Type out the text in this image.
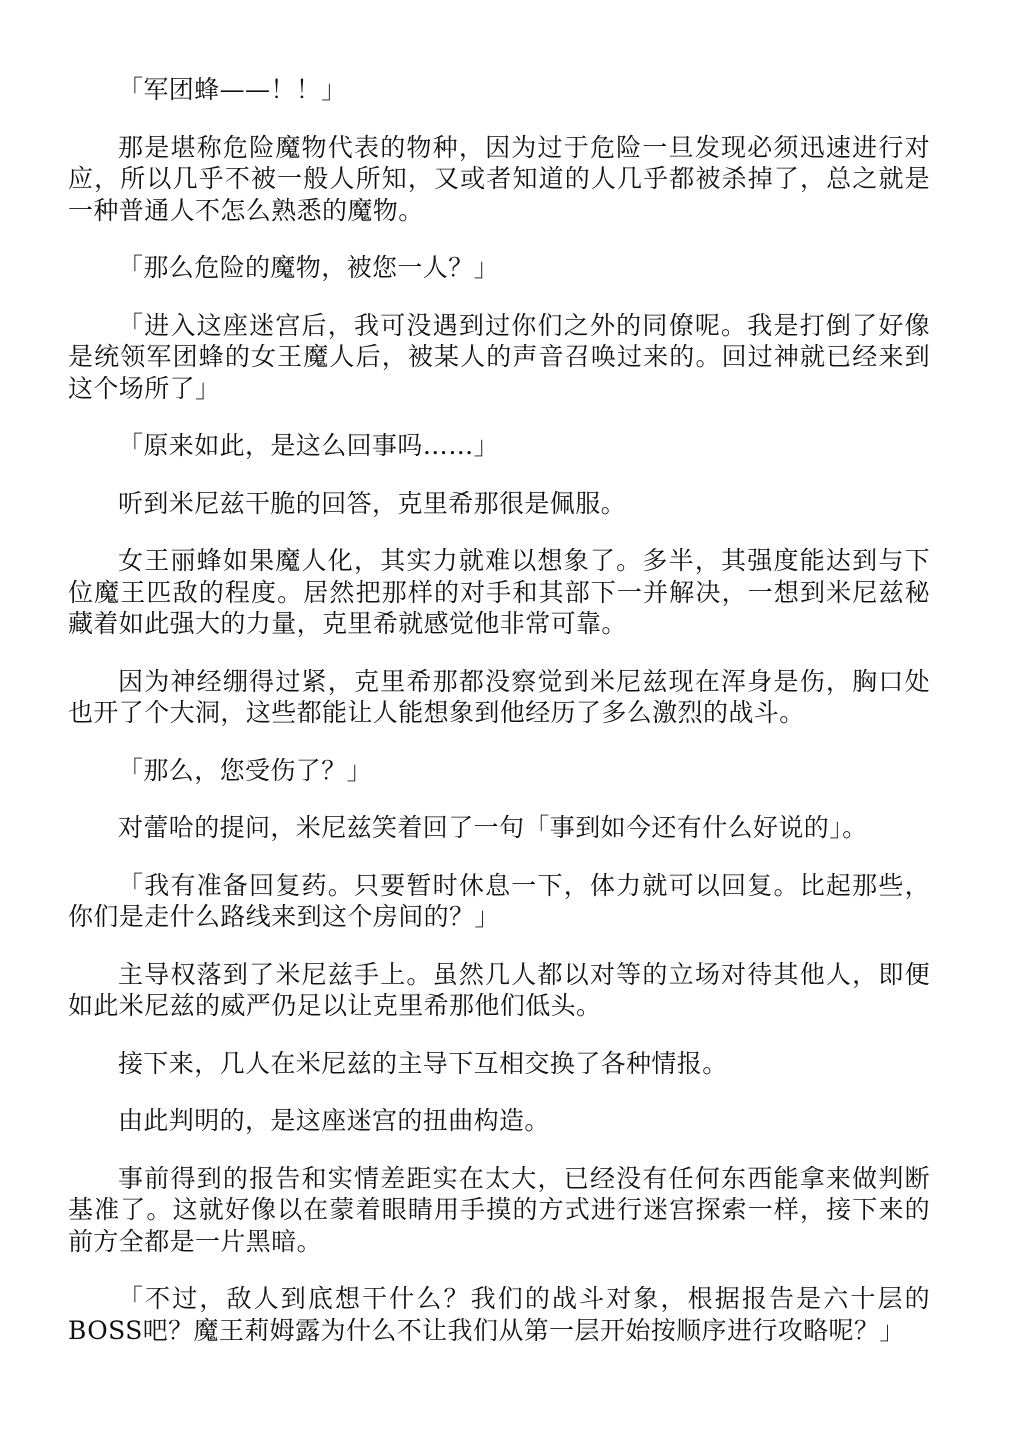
「军团蜂——！！」

那是堪称危险魔物代表的物种，因为过于危险一旦发现必须迅速进行对应，所以几乎不被一般人所知，又或者知道的人几乎都被杀掉了，总之就是一种普通人不怎么熟悉的魔物。

「那么危险的魔物，被您一人？」

「进入这座迷宫后，我可没遇到过你们之外的同僚呢。我是打倒了好像是统领军团蜂的女王魔人后，被某人的声音召唤过来的。回过神就已经来到这个场所了」

「原来如此，是这么回事吗……」

听到米尼兹干脆的回答，克里希那很是佩服。

女王丽蜂如果魔人化，其实力就难以想象了。多半，其强度能达到与下位魔王匹敌的程度。居然把那样的对手和其部下一并解决，一想到米尼兹秘藏着如此强大的力量，克里希就感觉他非常可靠。

因为神经绷得过紧，克里希那都没察觉到米尼兹现在浑身是伤，胸口处也开了个大洞，这些都能让人能想象到他经历了多么激烈的战斗。

「那么，您受伤了？」

对蕾哈的提问，米尼兹笑着回了一句「事到如今还有什么好说的」。

「我有准备回复药。只要暂时休息一下，体力就可以回复。比起那些，你们是走什么路线来到这个房间的？」

主导权落到了米尼兹手上。虽然几人都以对等的立场对待其他人，即便如此米尼兹的威严仍足以让克里希那他们低头。

接下来，几人在米尼兹的主导下互相交换了各种情报。

由此判明的，是这座迷宫的扭曲构造。

事前得到的报告和实情差距实在太大，已经没有任何东西能拿来做判断基准了。这就好像以在蒙着眼睛用手摸的方式进行迷宫探索一样，接下来的前方全都是一片黑暗。

「不过，敌人到底想干什么？我们的战斗对象，根据报告是六十层的BOSS吧？魔王莉姆露为什么不让我们从第一层开始按顺序进行攻略呢？」
